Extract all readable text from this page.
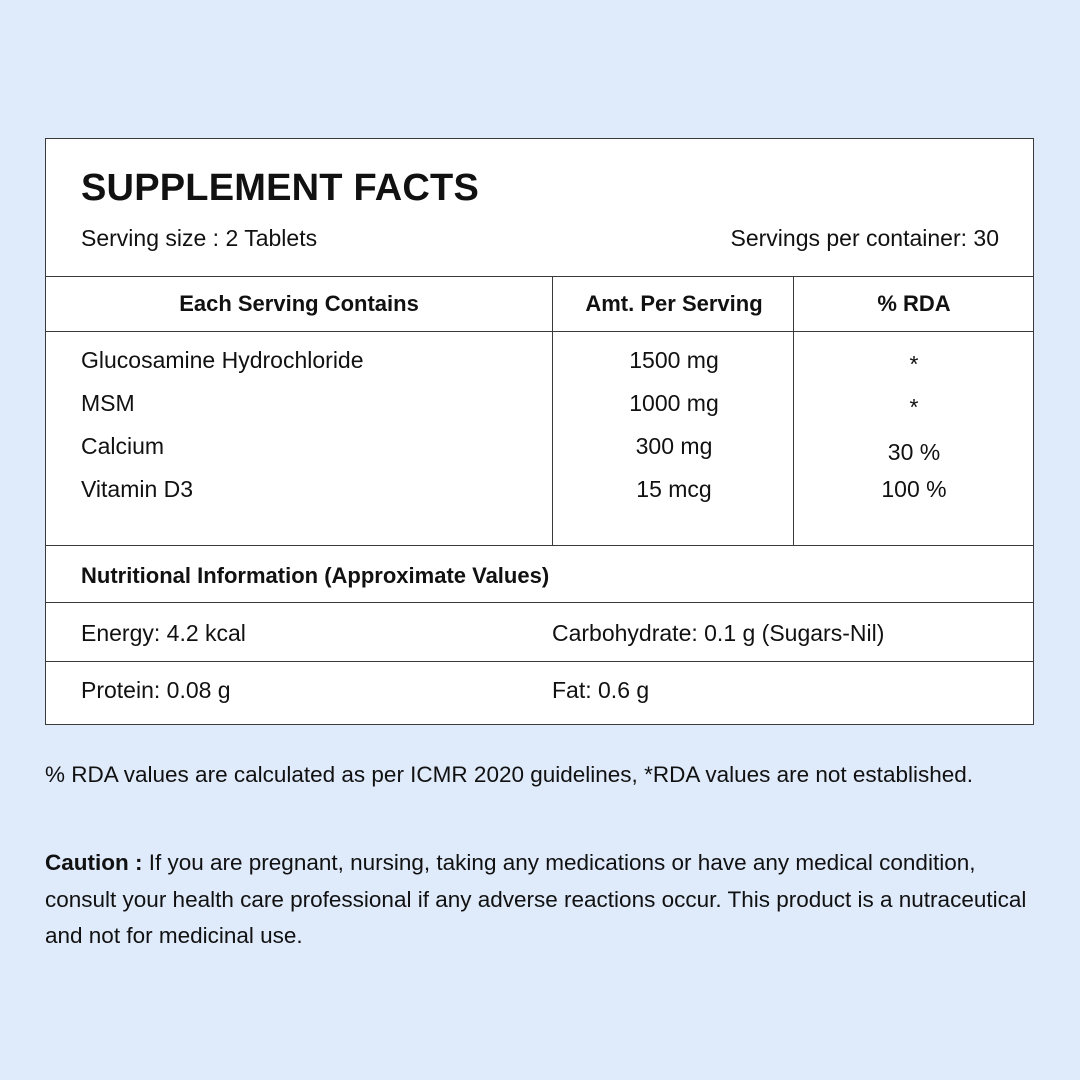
SUPPLEMENT FACTS
Serving size : 2 Tablets	Servings per container: 30
Each Serving Contains	Amt. Per Serving	% RDA
Glucosamine Hydrochloride	1500 mg	*
MSM	1000 mg	*
Calcium	300 mg	30 %
Vitamin D3	15 mcg	100 %
Nutritional Information (Approximate Values)
Energy: 4.2 kcal	Carbohydrate: 0.1 g (Sugars-Nil)
Protein: 0.08 g	Fat: 0.6 g

% RDA values are calculated as per ICMR 2020 guidelines, *RDA values are not established.

Caution : If you are pregnant, nursing, taking any medications or have any medical condition, consult your health care professional if any adverse reactions occur. This product is a nutraceutical and not for medicinal use.
